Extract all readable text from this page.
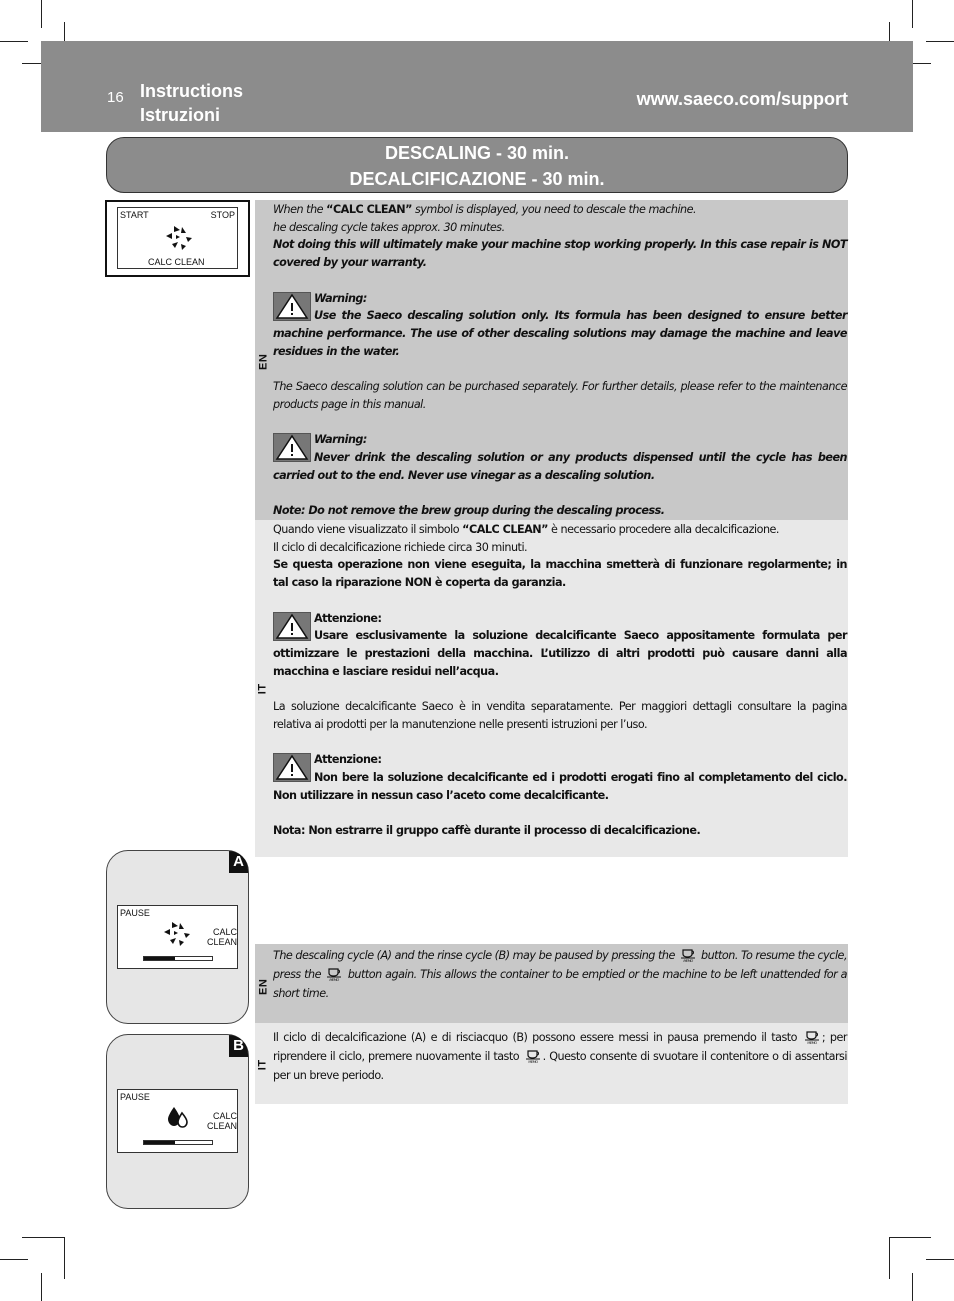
16 Instructions
Istruzioni
www.saeco.com/support
DESCALING - 30 min.
DECALCIFICAZIONE - 30 min.
START	STOP
CALC CLEAN
A
PAUSE
CALC
CLEAN
B
PAUSE
CALC
CLEAN
EN

When the “CALC CLEAN” symbol is displayed, you need to descale the machine.

he descaling cycle takes approx. 30 minutes.

Not doing this will ultimately make your machine stop working properly. In this case repair is NOT covered by your warranty.

Warning:

Use the Saeco descaling solution only. Its formula has been designed to ensure better machine performance. The use of other descaling solutions may damage the machine and leave residues in the water.

The Saeco descaling solution can be purchased separately. For further details, please refer to the maintenance products page in this manual.

Warning:

Never drink the descaling solution or any products dispensed until the cycle has been carried out to the end. Never use vinegar as a descaling solution.

Note: Do not remove the brew group during the descaling process.

IT

Quando viene visualizzato il simbolo “CALC CLEAN” è necessario procedere alla decalcificazione.

Il ciclo di decalcificazione richiede circa 30 minuti.

Se questa operazione non viene eseguita, la macchina smetterà di funzionare regolarmente; in tal caso la riparazione NON è coperta da garanzia.

Attenzione:

Usare esclusivamente la soluzione decalcificante Saeco appositamente formulata per ottimizzare le prestazioni della macchina. L’utilizzo di altri prodotti può causare danni alla macchina e lasciare residui nell’acqua.

La soluzione decalcificante Saeco è in vendita separatamente. Per maggiori dettagli consultare la pagina relativa ai prodotti per la manutenzione nelle presenti istruzioni per l’uso.

Attenzione:

Non bere la soluzione decalcificante ed i prodotti erogati fino al completamento del ciclo. Non utilizzare in nessun caso l’aceto come decalcificante.

Nota: Non estrarre il gruppo caffè durante il processo di decalcificazione.

EN
The descaling cycle (A) and the rinse cycle (B) may be paused by pressing the MEMO button. To resume the cycle, press the MEMO button again. This allows the container to be emptied or the machine to be left unattended for a short time.
IT
Il ciclo di decalcificazione (A) e di risciacquo (B) possono essere messi in pausa premendo il tasto MEMO ; per riprendere il ciclo, premere nuovamente il tasto MEMO . Questo consente di svuotare il contenitore o di assentarsi per un breve periodo.
